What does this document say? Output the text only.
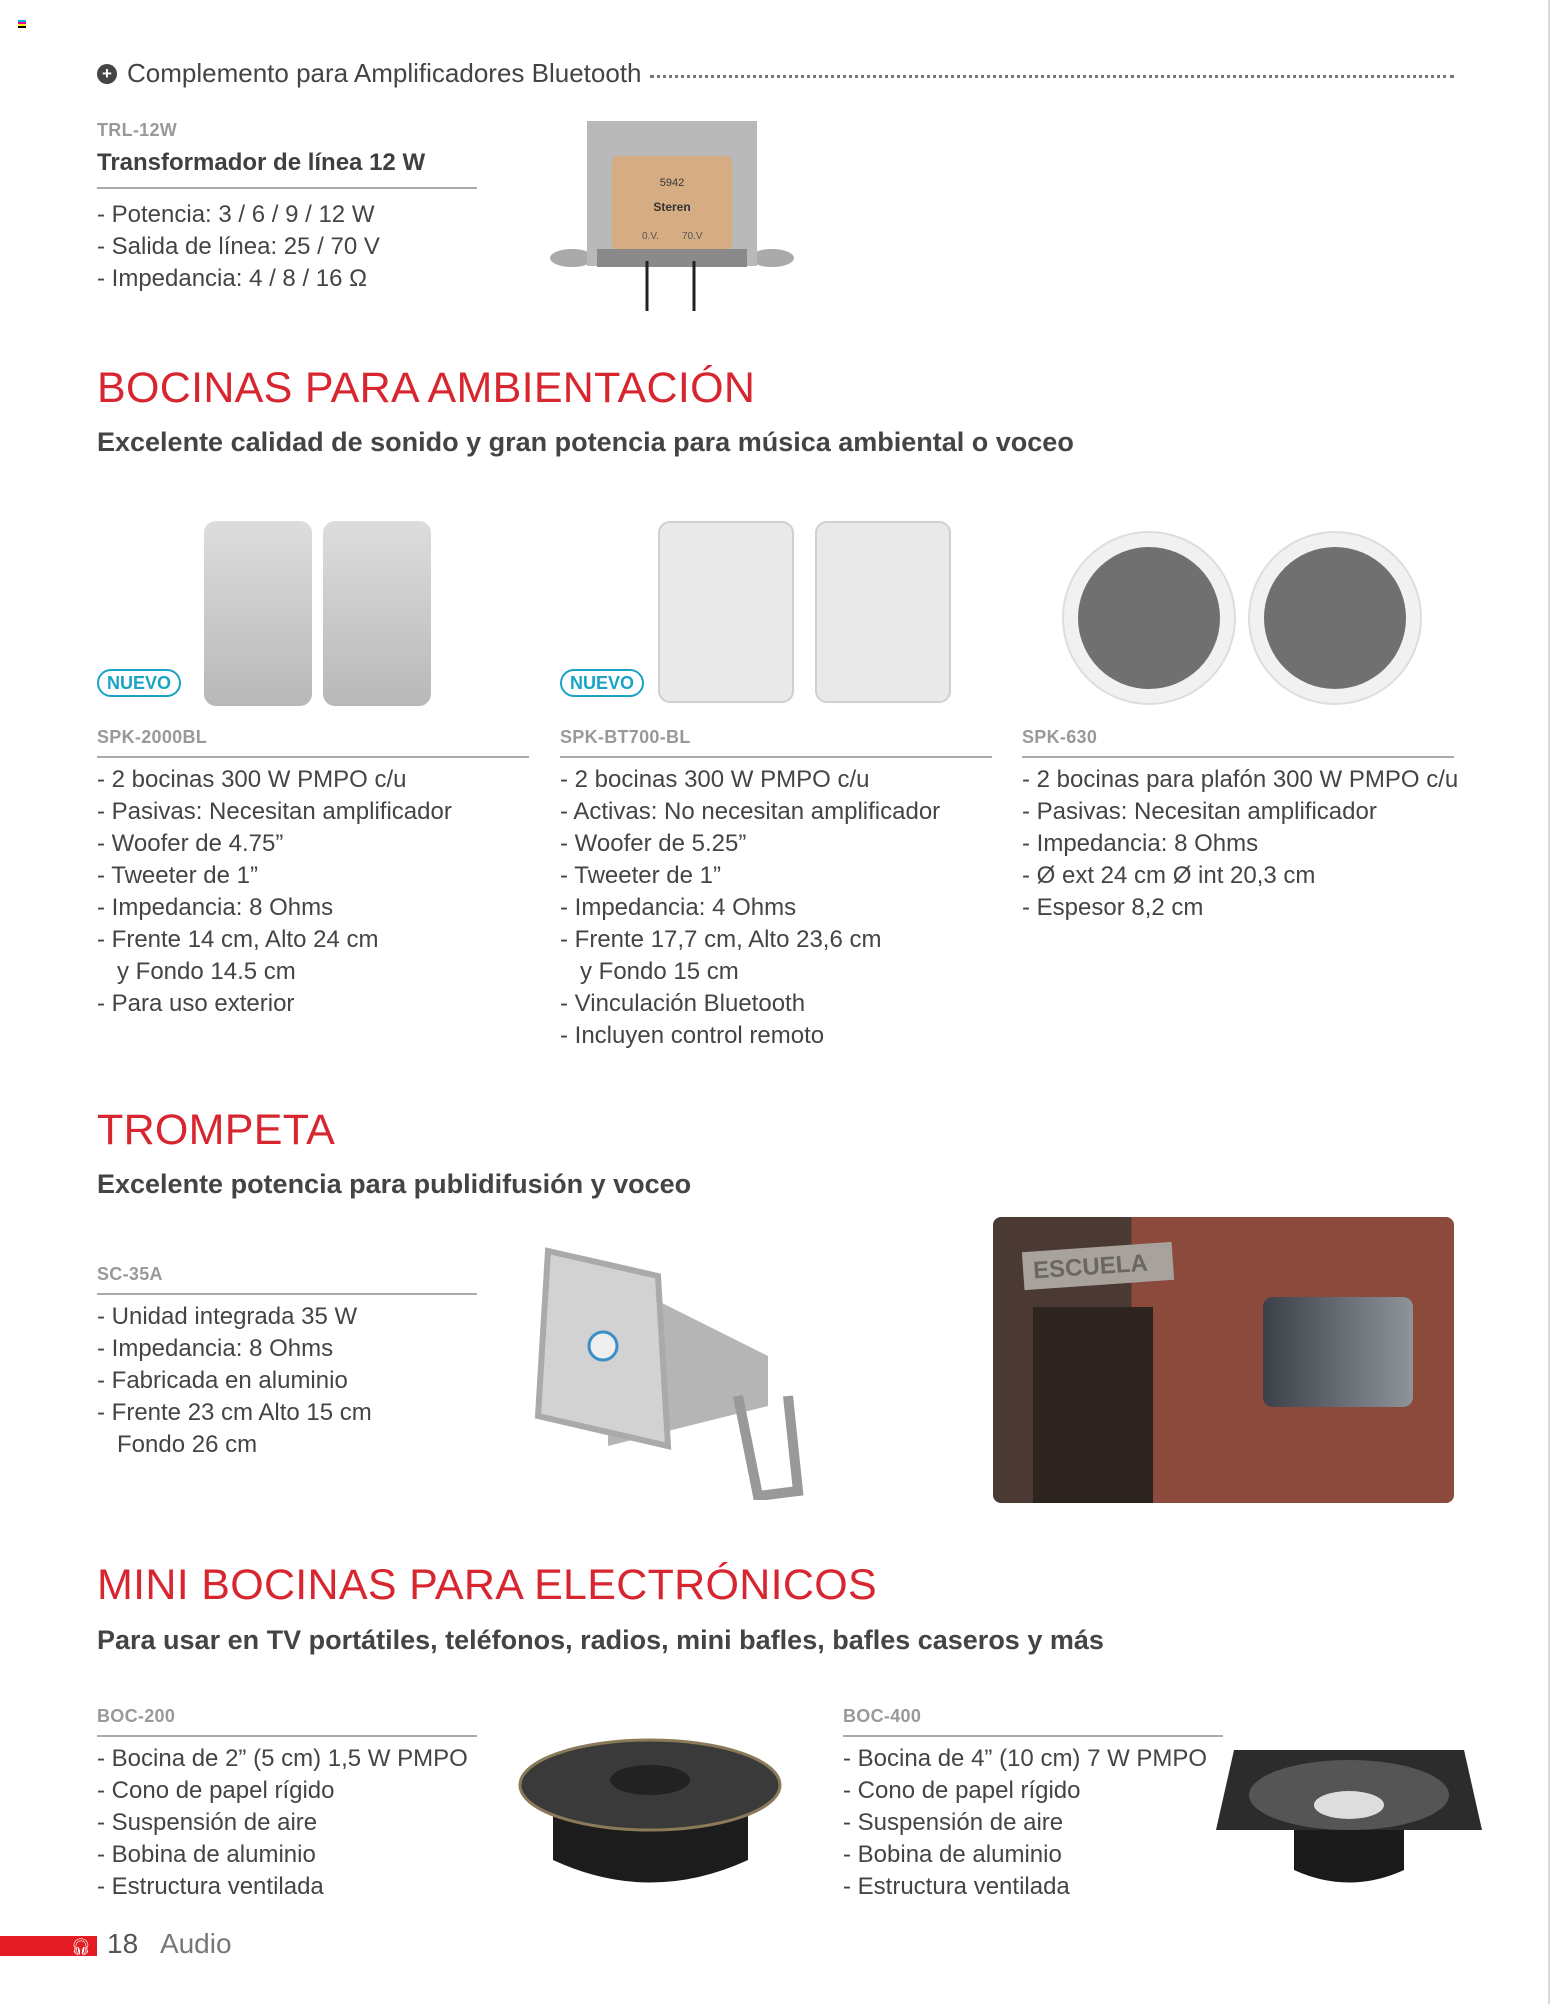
+ Complemento para Amplificadores Bluetooth
TRL-12W
Transformador de línea 12 W
- Potencia: 3 / 6 / 9 / 12 W
- Salida de línea: 25 / 70 V
- Impedancia: 4 / 8 / 16 Ω
5942
Steren
0.V. 70.V
BOCINAS PARA AMBIENTACIÓN
Excelente calidad de sonido y gran potencia para música ambiental o voceo
NUEVO
SPK-2000BL
- 2 bocinas 300 W PMPO c/u
- Pasivas: Necesitan amplificador
- Woofer de 4.75”
- Tweeter de 1”
- Impedancia: 8 Ohms
- Frente 14 cm, Alto 24 cm
y Fondo 14.5 cm
- Para uso exterior
NUEVO
SPK-BT700-BL
- 2 bocinas 300 W PMPO c/u
- Activas: No necesitan amplificador
- Woofer de 5.25”
- Tweeter de 1”
- Impedancia: 4 Ohms
- Frente 17,7 cm, Alto 23,6 cm
y Fondo 15 cm
- Vinculación Bluetooth
- Incluyen control remoto
SPK-630
- 2 bocinas para plafón 300 W PMPO c/u
- Pasivas: Necesitan amplificador
- Impedancia: 8 Ohms
- Ø ext 24 cm Ø int 20,3 cm
- Espesor 8,2 cm
TROMPETA
Excelente potencia para publidifusión y voceo
SC-35A
- Unidad integrada 35 W
- Impedancia: 8 Ohms
- Fabricada en aluminio
- Frente 23 cm Alto 15 cm
Fondo 26 cm
ESCUELA
MINI BOCINAS PARA ELECTRÓNICOS
Para usar en TV portátiles, teléfonos, radios, mini bafles, bafles caseros y más
BOC-200
- Bocina de 2” (5 cm) 1,5 W PMPO
- Cono de papel rígido
- Suspensión de aire
- Bobina de aluminio
- Estructura ventilada
BOC-400
- Bocina de 4” (10 cm) 7 W PMPO
- Cono de papel rígido
- Suspensión de aire
- Bobina de aluminio
- Estructura ventilada
🎧︎ 18 Audio
